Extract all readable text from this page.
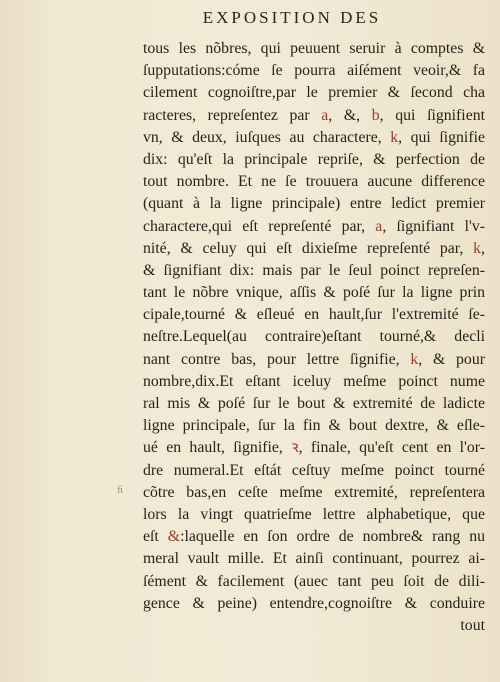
EXPOSITION DES
ﬁ
tous les nõbres, qui peuuent seruir à comptes &
ſupputations:cóme ſe pourra aiſément veoir,& fa
cilement cognoiſtre,par le premier & ſecond cha
racteres, repreſentez par a, &, b, qui ſignifient
vn, & deux, iuſques au charactere, k, qui ſignifie
dix: qu'eſt la principale repriſe, & perfection de
tout nombre. Et ne ſe trouuera aucune difference
(quant à la ligne principale) entre ledict premier
charactere,qui eſt repreſenté par, a, ſignifiant l'v-
nité, & celuy qui eſt dixieſme repreſenté par, k,
& ſignifiant dix: mais par le ſeul poinct repreſen-
tant le nõbre vnique, aſſis & poſé ſur la ligne prin
cipale,tourné & eſleué en hault,ſur l'extremité ſe-
neſtre.Lequel(au contraire)eſtant tourné,& decli
nant contre bas, pour lettre ſignifie, k, & pour
nombre,dix.Et eſtant iceluy meſme poinct nume
ral mis & poſé ſur le bout & extremité de ladicte
ligne principale, ſur la fin & bout dextre, & eſle-
ué en hault, ſignifie, ꝛ, finale, qu'eſt cent en l'or-
dre numeral.Et eſtát ceſtuy meſme poinct tourné
cõtre bas,en ceſte meſme extremité, repreſentera
lors la vingt quatrieſme lettre alphabetique, que
eſt &:laquelle en ſon ordre de nombre& rang nu
meral vault mille. Et ainſi continuant, pourrez ai-
ſément & facilement (auec tant peu ſoit de dili-
gence & peine) entendre,cognoiſtre & conduire
tout
